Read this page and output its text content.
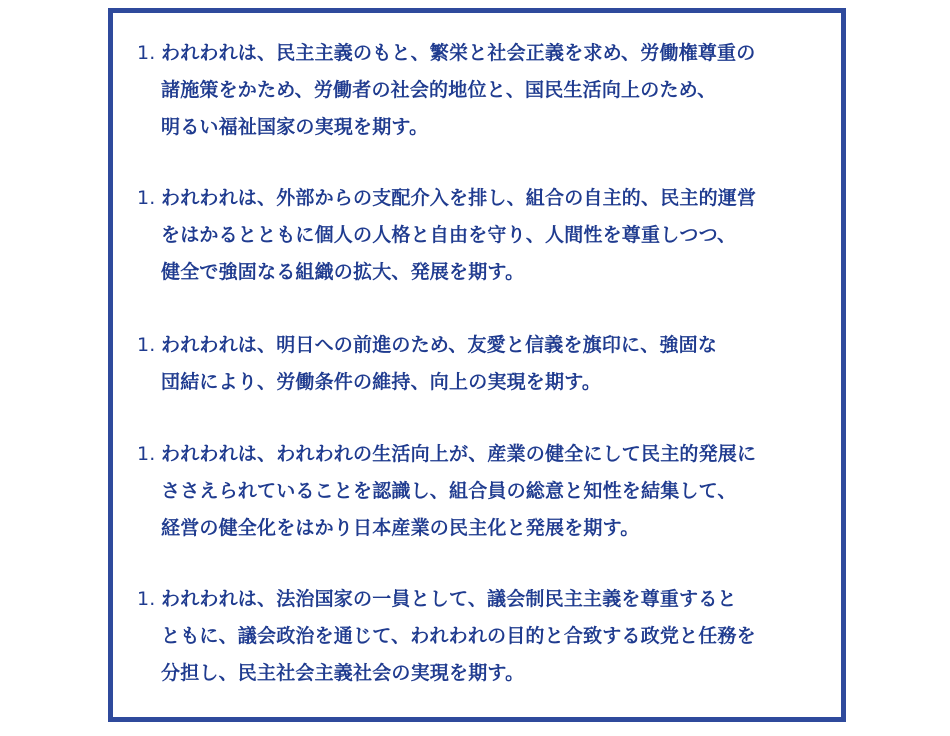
1. われわれは、民主主義のもと、繁栄と社会正義を求め、労働権尊重の
諸施策をかため、労働者の社会的地位と、国民生活向上のため、
明るい福祉国家の実現を期す。
1. われわれは、外部からの支配介入を排し、組合の自主的、民主的運営
をはかるとともに個人の人格と自由を守り、人間性を尊重しつつ、
健全で強固なる組織の拡大、発展を期す。
1. われわれは、明日への前進のため、友愛と信義を旗印に、強固な
団結により、労働条件の維持、向上の実現を期す。
1. われわれは、われわれの生活向上が、産業の健全にして民主的発展に
ささえられていることを認識し、組合員の総意と知性を結集して、
経営の健全化をはかり日本産業の民主化と発展を期す。
1. われわれは、法治国家の一員として、議会制民主主義を尊重すると
ともに、議会政治を通じて、われわれの目的と合致する政党と任務を
分担し、民主社会主義社会の実現を期す。
